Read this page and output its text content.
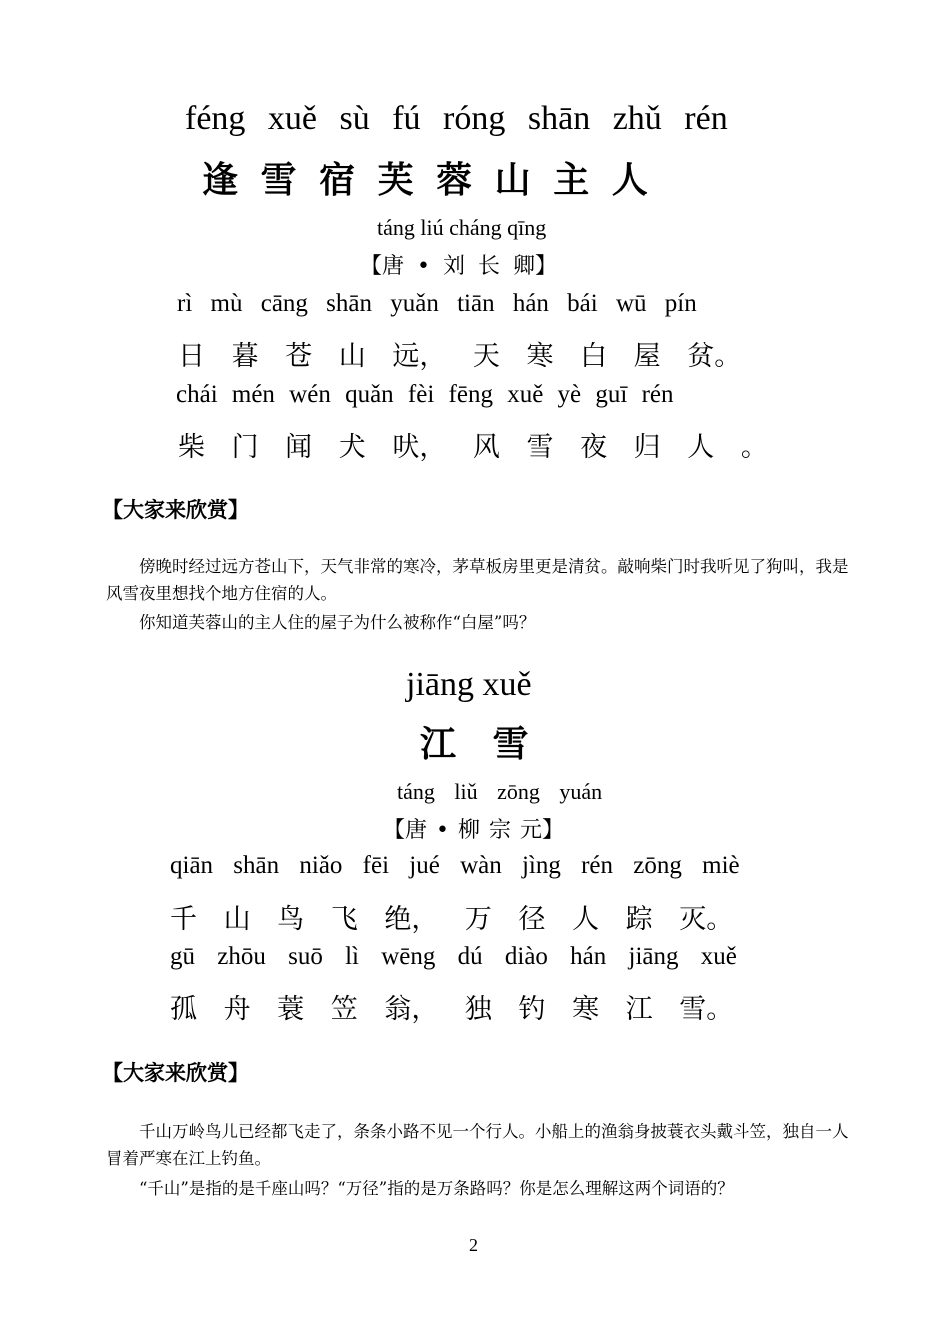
féng xuě sù fú róng shān zhǔ rén
逢 雪 宿 芙 蓉 山 主 人
táng liú cháng qīng
【唐 • 刘 长 卿】
rì mù cāng shān yuǎn tiān hán bái wū pín
日 暮 苍 山 远， 天 寒 白 屋 贫。
chái mén wén quǎn fèi fēng xuě yè guī rén
柴 门 闻 犬 吠， 风 雪 夜 归 人 。
【大家来欣赏】
傍晚时经过远方苍山下，天气非常的寒冷，茅草板房里更是清贫。敲响柴门时我听见了狗叫，我是风雪夜里想找个地方住宿的人。
你知道芙蓉山的主人住的屋子为什么被称作“白屋”吗？
jiāng xuě
江 雪
táng liǔ zōng yuán
【唐 • 柳 宗 元】
qiān shān niǎo fēi jué wàn jìng rén zōng miè
千 山 鸟 飞 绝， 万 径 人 踪 灭。
gū zhōu suō lì wēng dú diào hán jiāng xuě
孤 舟 蓑 笠 翁， 独 钓 寒 江 雪。
【大家来欣赏】
千山万岭鸟儿已经都飞走了，条条小路不见一个行人。小船上的渔翁身披蓑衣头戴斗笠，独自一人冒着严寒在江上钓鱼。
“千山”是指的是千座山吗？“万径”指的是万条路吗？你是怎么理解这两个词语的？
2
